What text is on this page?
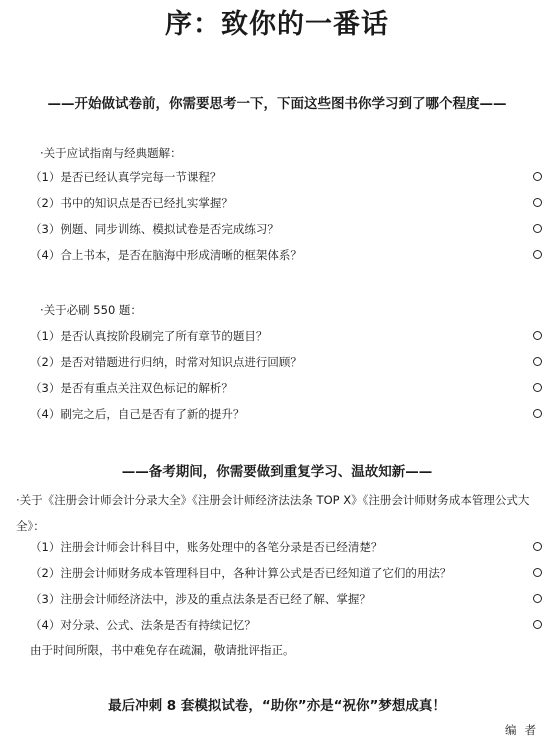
序：致你的一番话
——开始做试卷前，你需要思考一下，下面这些图书你学习到了哪个程度——
·关于应试指南与经典题解：
（1）是否已经认真学完每一节课程？
（2）书中的知识点是否已经扎实掌握？
（3）例题、同步训练、模拟试卷是否完成练习？
（4）合上书本，是否在脑海中形成清晰的框架体系？
·关于必刷 550 题：
（1）是否认真按阶段刷完了所有章节的题目？
（2）是否对错题进行归纳，时常对知识点进行回顾？
（3）是否有重点关注双色标记的解析？
（4）刷完之后，自己是否有了新的提升？
——备考期间，你需要做到重复学习、温故知新——
·关于《注册会计师会计分录大全》《注册会计师经济法法条 TOP X》《注册会计师财务成本管理公式大全》：
（1）注册会计师会计科目中，账务处理中的各笔分录是否已经清楚？
（2）注册会计师财务成本管理科目中，各种计算公式是否已经知道了它们的用法？
（3）注册会计师经济法中，涉及的重点法条是否已经了解、掌握？
（4）对分录、公式、法条是否有持续记忆？
由于时间所限，书中难免存在疏漏，敬请批评指正。
最后冲刺 8 套模拟试卷，“助你”亦是“祝你”梦想成真！
编者
